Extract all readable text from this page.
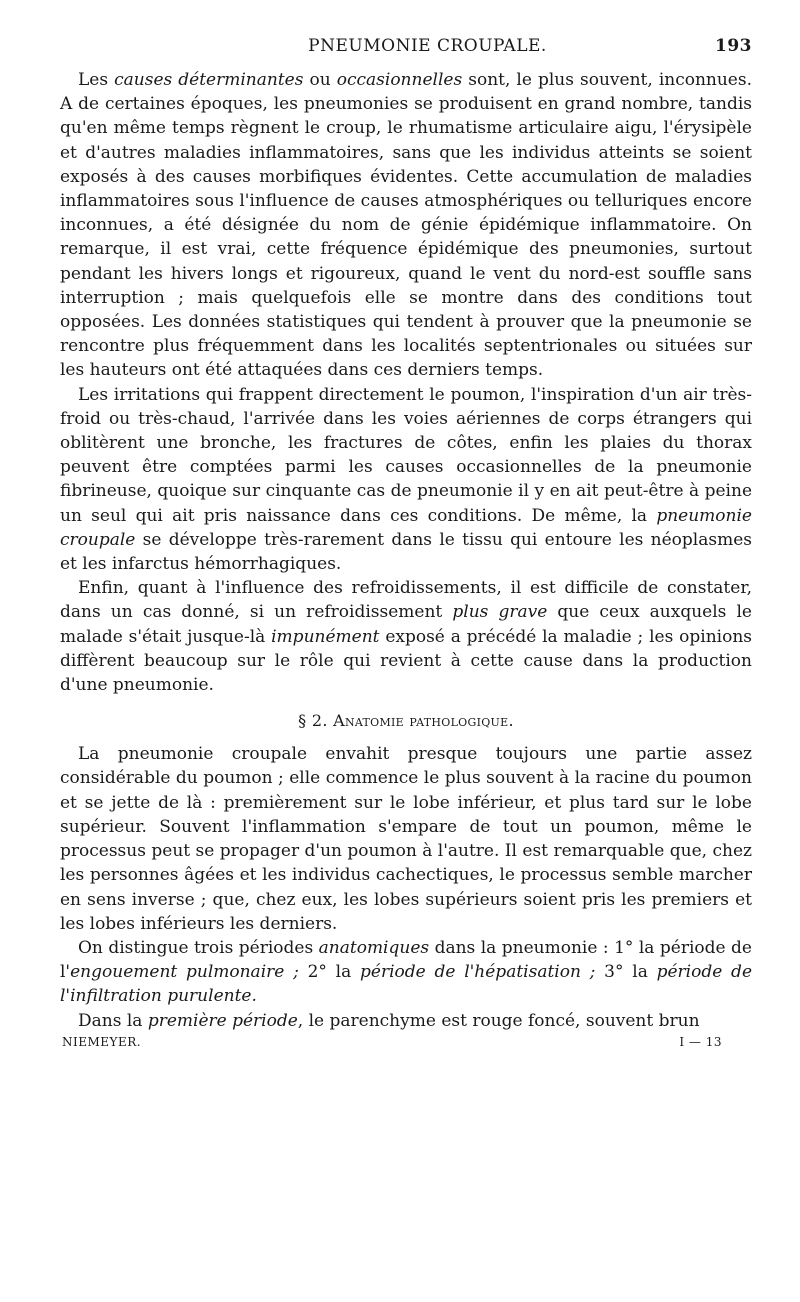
PNEUMONIE CROUPALE.	193

Les causes déterminantes ou occasionnelles sont, le plus souvent, inconnues. A de certaines époques, les pneumonies se produisent en grand nombre, tandis qu'en même temps règnent le croup, le rhumatisme articulaire aigu, l'érysipèle et d'autres maladies inflammatoires, sans que les individus atteints se soient exposés à des causes morbifiques évidentes. Cette accumulation de maladies inflammatoires sous l'influence de causes atmosphériques ou telluriques encore inconnues, a été désignée du nom de génie épidémique inflammatoire. On remarque, il est vrai, cette fréquence épidémique des pneumonies, surtout pendant les hivers longs et rigoureux, quand le vent du nord-est souffle sans interruption ; mais quelquefois elle se montre dans des conditions tout opposées. Les données statistiques qui tendent à prouver que la pneumonie se rencontre plus fréquemment dans les localités septentrionales ou situées sur les hauteurs ont été attaquées dans ces derniers temps.

Les irritations qui frappent directement le poumon, l'inspiration d'un air très-froid ou très-chaud, l'arrivée dans les voies aériennes de corps étrangers qui oblitèrent une bronche, les fractures de côtes, enfin les plaies du thorax peuvent être comptées parmi les causes occasionnelles de la pneumonie fibrineuse, quoique sur cinquante cas de pneumonie il y en ait peut-être à peine un seul qui ait pris naissance dans ces conditions. De même, la pneumonie croupale se développe très-rarement dans le tissu qui entoure les néoplasmes et les infarctus hémorrhagiques.

Enfin, quant à l'influence des refroidissements, il est difficile de constater, dans un cas donné, si un refroidissement plus grave que ceux auxquels le malade s'était jusque-là impunément exposé a précédé la maladie ; les opinions diffèrent beaucoup sur le rôle qui revient à cette cause dans la production d'une pneumonie.

§ 2. Anatomie pathologique.

La pneumonie croupale envahit presque toujours une partie assez considérable du poumon ; elle commence le plus souvent à la racine du poumon et se jette de là : premièrement sur le lobe inférieur, et plus tard sur le lobe supérieur. Souvent l'inflammation s'empare de tout un poumon, même le processus peut se propager d'un poumon à l'autre. Il est remarquable que, chez les personnes âgées et les individus cachectiques, le processus semble marcher en sens inverse ; que, chez eux, les lobes supérieurs soient pris les premiers et les lobes inférieurs les derniers.

On distingue trois périodes anatomiques dans la pneumonie : 1° la période de l'engouement pulmonaire ; 2° la période de l'hépatisation ; 3° la période de l'infiltration purulente.

Dans la première période, le parenchyme est rouge foncé, souvent brun

NIEMEYER.	I — 13
